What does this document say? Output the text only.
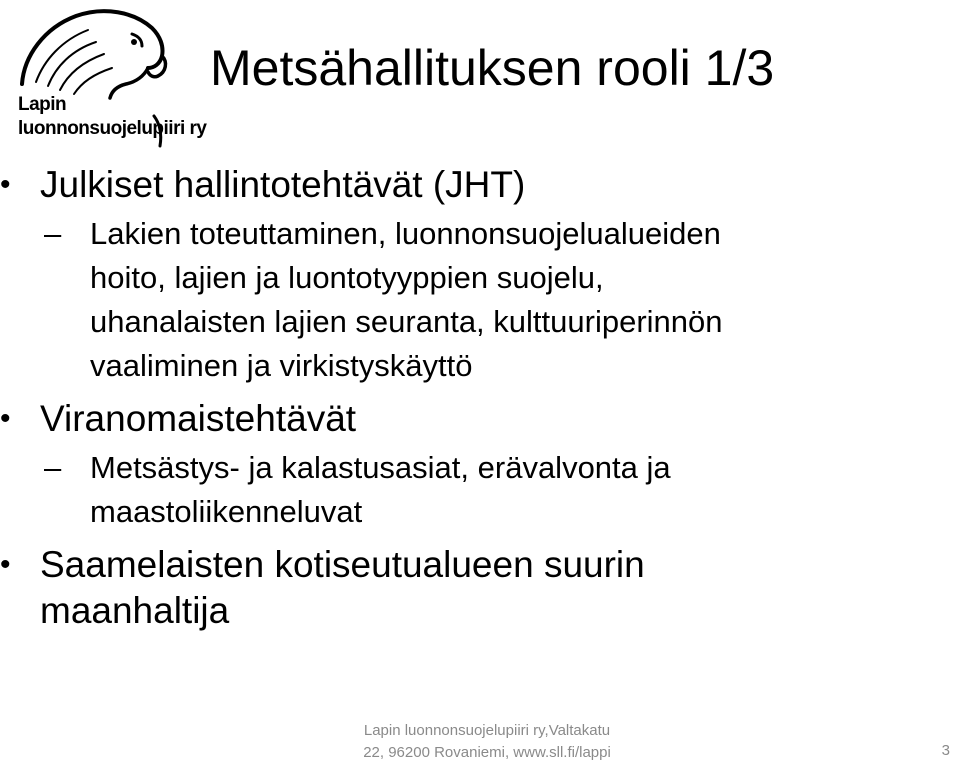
Lapin
luonnonsuojelupiiri ry
Metsähallituksen rooli 1/3
• Julkiset hallintotehtävät (JHT)
– Lakien toteuttaminen, luonnonsuojelualueiden
hoito, lajien ja luontotyyppien suojelu,
uhanalaisten lajien seuranta, kulttuuriperinnön
vaaliminen ja virkistyskäyttö
• Viranomaistehtävät
– Metsästys- ja kalastusasiat, erävalvonta ja
maastoliikenneluvat
• Saamelaisten kotiseutualueen suurin
maanhaltija
Lapin luonnonsuojelupiiri ry,Valtakatu
22, 96200 Rovaniemi, www.sll.fi/lappi	3
